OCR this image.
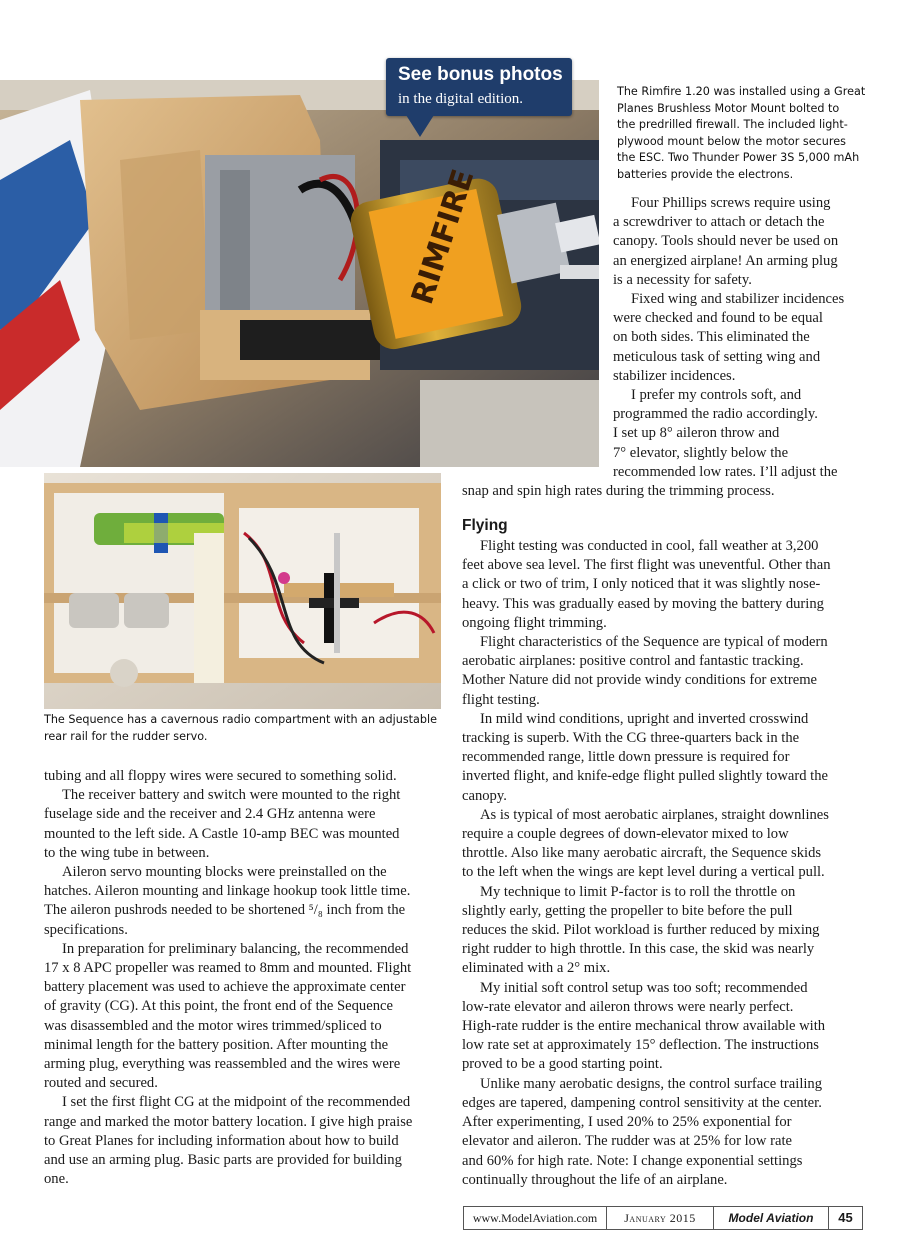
RIMFIRE
See bonus photos
in the digital edition.	The Rimfire 1.20 was installed using a Great
Planes Brushless Motor Mount bolted to
the predrilled firewall. The included light-
plywood mount below the motor secures
the ESC. Two Thunder Power 3S 5,000 mAh
batteries provide the electrons.
Four Phillips screws require using
a screwdriver to attach or detach the
canopy. Tools should never be used on
an energized airplane! An arming plug
is a necessity for safety.
Fixed wing and stabilizer incidences
were checked and found to be equal
on both sides. This eliminated the
meticulous task of setting wing and
stabilizer incidences.
I prefer my controls soft, and
programmed the radio accordingly.
I set up 8° aileron throw and
7° elevator, slightly below the
recommended low rates. I’ll adjust the
snap and spin high rates during the trimming process.
The Sequence has a cavernous radio compartment with an adjustable
rear rail for the rudder servo.
Flying
Flight testing was conducted in cool, fall weather at 3,200
feet above sea level. The first flight was uneventful. Other than
a click or two of trim, I only noticed that it was slightly nose-
heavy. This was gradually eased by moving the battery during
ongoing flight trimming.
Flight characteristics of the Sequence are typical of modern
aerobatic airplanes: positive control and fantastic tracking.
Mother Nature did not provide windy conditions for extreme
flight testing.
In mild wind conditions, upright and inverted crosswind
tracking is superb. With the CG three-quarters back in the
recommended range, little down pressure is required for
inverted flight, and knife-edge flight pulled slightly toward the
canopy.
As is typical of most aerobatic airplanes, straight downlines
require a couple degrees of down-elevator mixed to low
throttle. Also like many aerobatic aircraft, the Sequence skids
to the left when the wings are kept level during a vertical pull.
My technique to limit P-factor is to roll the throttle on
slightly early, getting the propeller to bite before the pull
reduces the skid. Pilot workload is further reduced by mixing
right rudder to high throttle. In this case, the skid was nearly
eliminated with a 2° mix.
My initial soft control setup was too soft; recommended
low-rate elevator and aileron throws were nearly perfect.
High-rate rudder is the entire mechanical throw available with
low rate set at approximately 15° deflection. The instructions
proved to be a good starting point.
Unlike many aerobatic designs, the control surface trailing
edges are tapered, dampening control sensitivity at the center.
After experimenting, I used 20% to 25% exponential for
elevator and aileron. The rudder was at 25% for low rate
and 60% for high rate. Note: I change exponential settings
continually throughout the life of an airplane.
tubing and all floppy wires were secured to something solid.
The receiver battery and switch were mounted to the right
fuselage side and the receiver and 2.4 GHz antenna were
mounted to the left side. A Castle 10-amp BEC was mounted
to the wing tube in between.
Aileron servo mounting blocks were preinstalled on the
hatches. Aileron mounting and linkage hookup took little time.
The aileron pushrods needed to be shortened ⁵/₈ inch from the
specifications.
In preparation for preliminary balancing, the recommended
17 x 8 APC propeller was reamed to 8mm and mounted. Flight
battery placement was used to achieve the approximate center
of gravity (CG). At this point, the front end of the Sequence
was disassembled and the motor wires trimmed/spliced to
minimal length for the battery position. After mounting the
arming plug, everything was reassembled and the wires were
routed and secured.
I set the first flight CG at the midpoint of the recommended
range and marked the motor battery location. I give high praise
to Great Planes for including information about how to build
and use an arming plug. Basic parts are provided for building
one.
www.ModelAviation.com	January 2015	Model Aviation	45
